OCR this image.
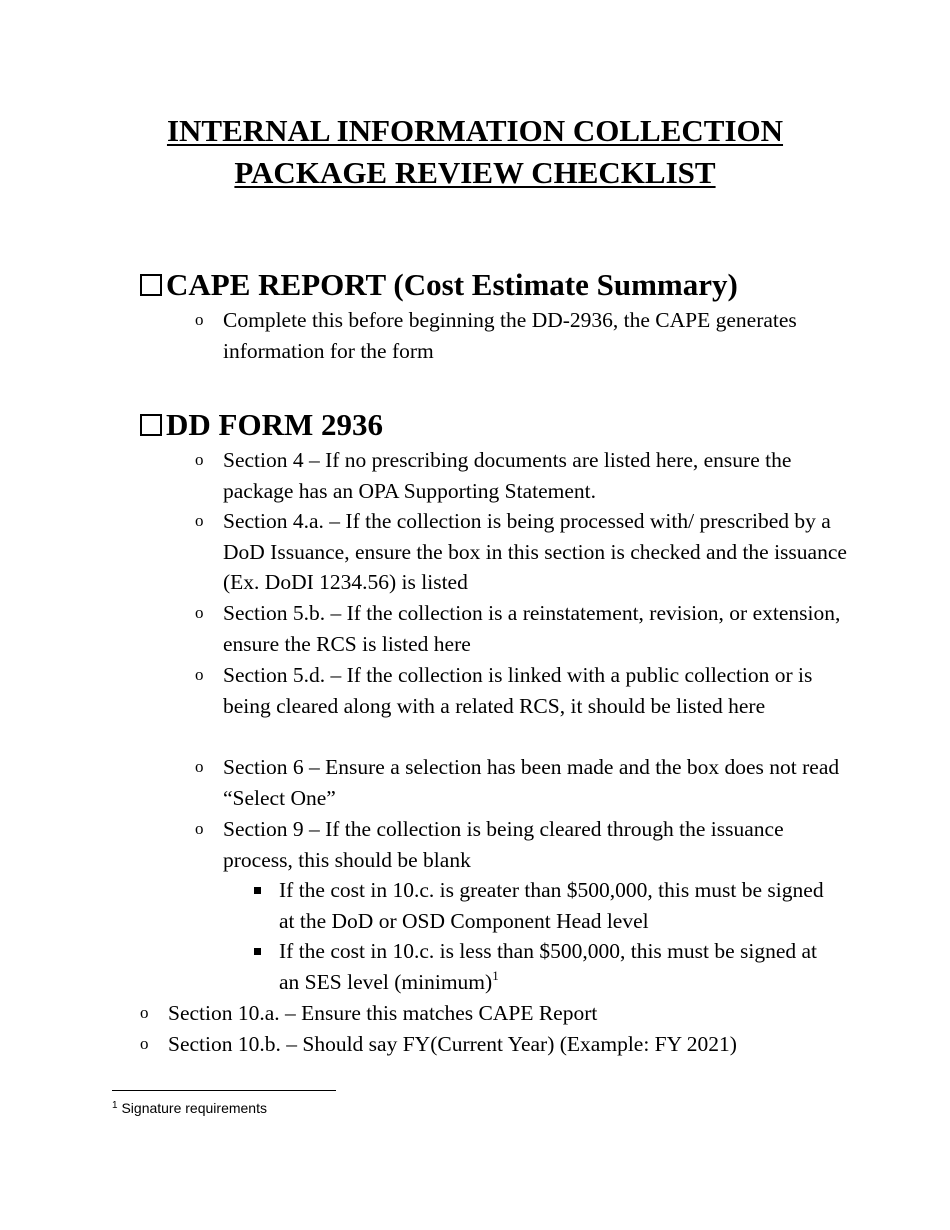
INTERNAL INFORMATION COLLECTION
PACKAGE REVIEW CHECKLIST
CAPE REPORT (Cost Estimate Summary)
o Complete this before beginning the DD-2936, the CAPE generates information for the form
DD FORM 2936
o Section 4 – If no prescribing documents are listed here, ensure the package has an OPA Supporting Statement.
o Section 4.a. – If the collection is being processed with/ prescribed by a DoD Issuance, ensure the box in this section is checked and the issuance (Ex. DoDI 1234.56) is listed
o Section 5.b. – If the collection is a reinstatement, revision, or extension, ensure the RCS is listed here
o Section 5.d. – If the collection is linked with a public collection or is being cleared along with a related RCS, it should be listed here
o Section 6 – Ensure a selection has been made and the box does not read “Select One”
o Section 9 – If the collection is being cleared through the issuance process, this should be blank
If the cost in 10.c. is greater than $500,000, this must be signed at the DoD or OSD Component Head level
If the cost in 10.c. is less than $500,000, this must be signed at an SES level (minimum)$^1$
o Section 10.a. – Ensure this matches CAPE Report
o Section 10.b. – Should say FY(Current Year) (Example: FY 2021)
$^1$ Signature requirements
